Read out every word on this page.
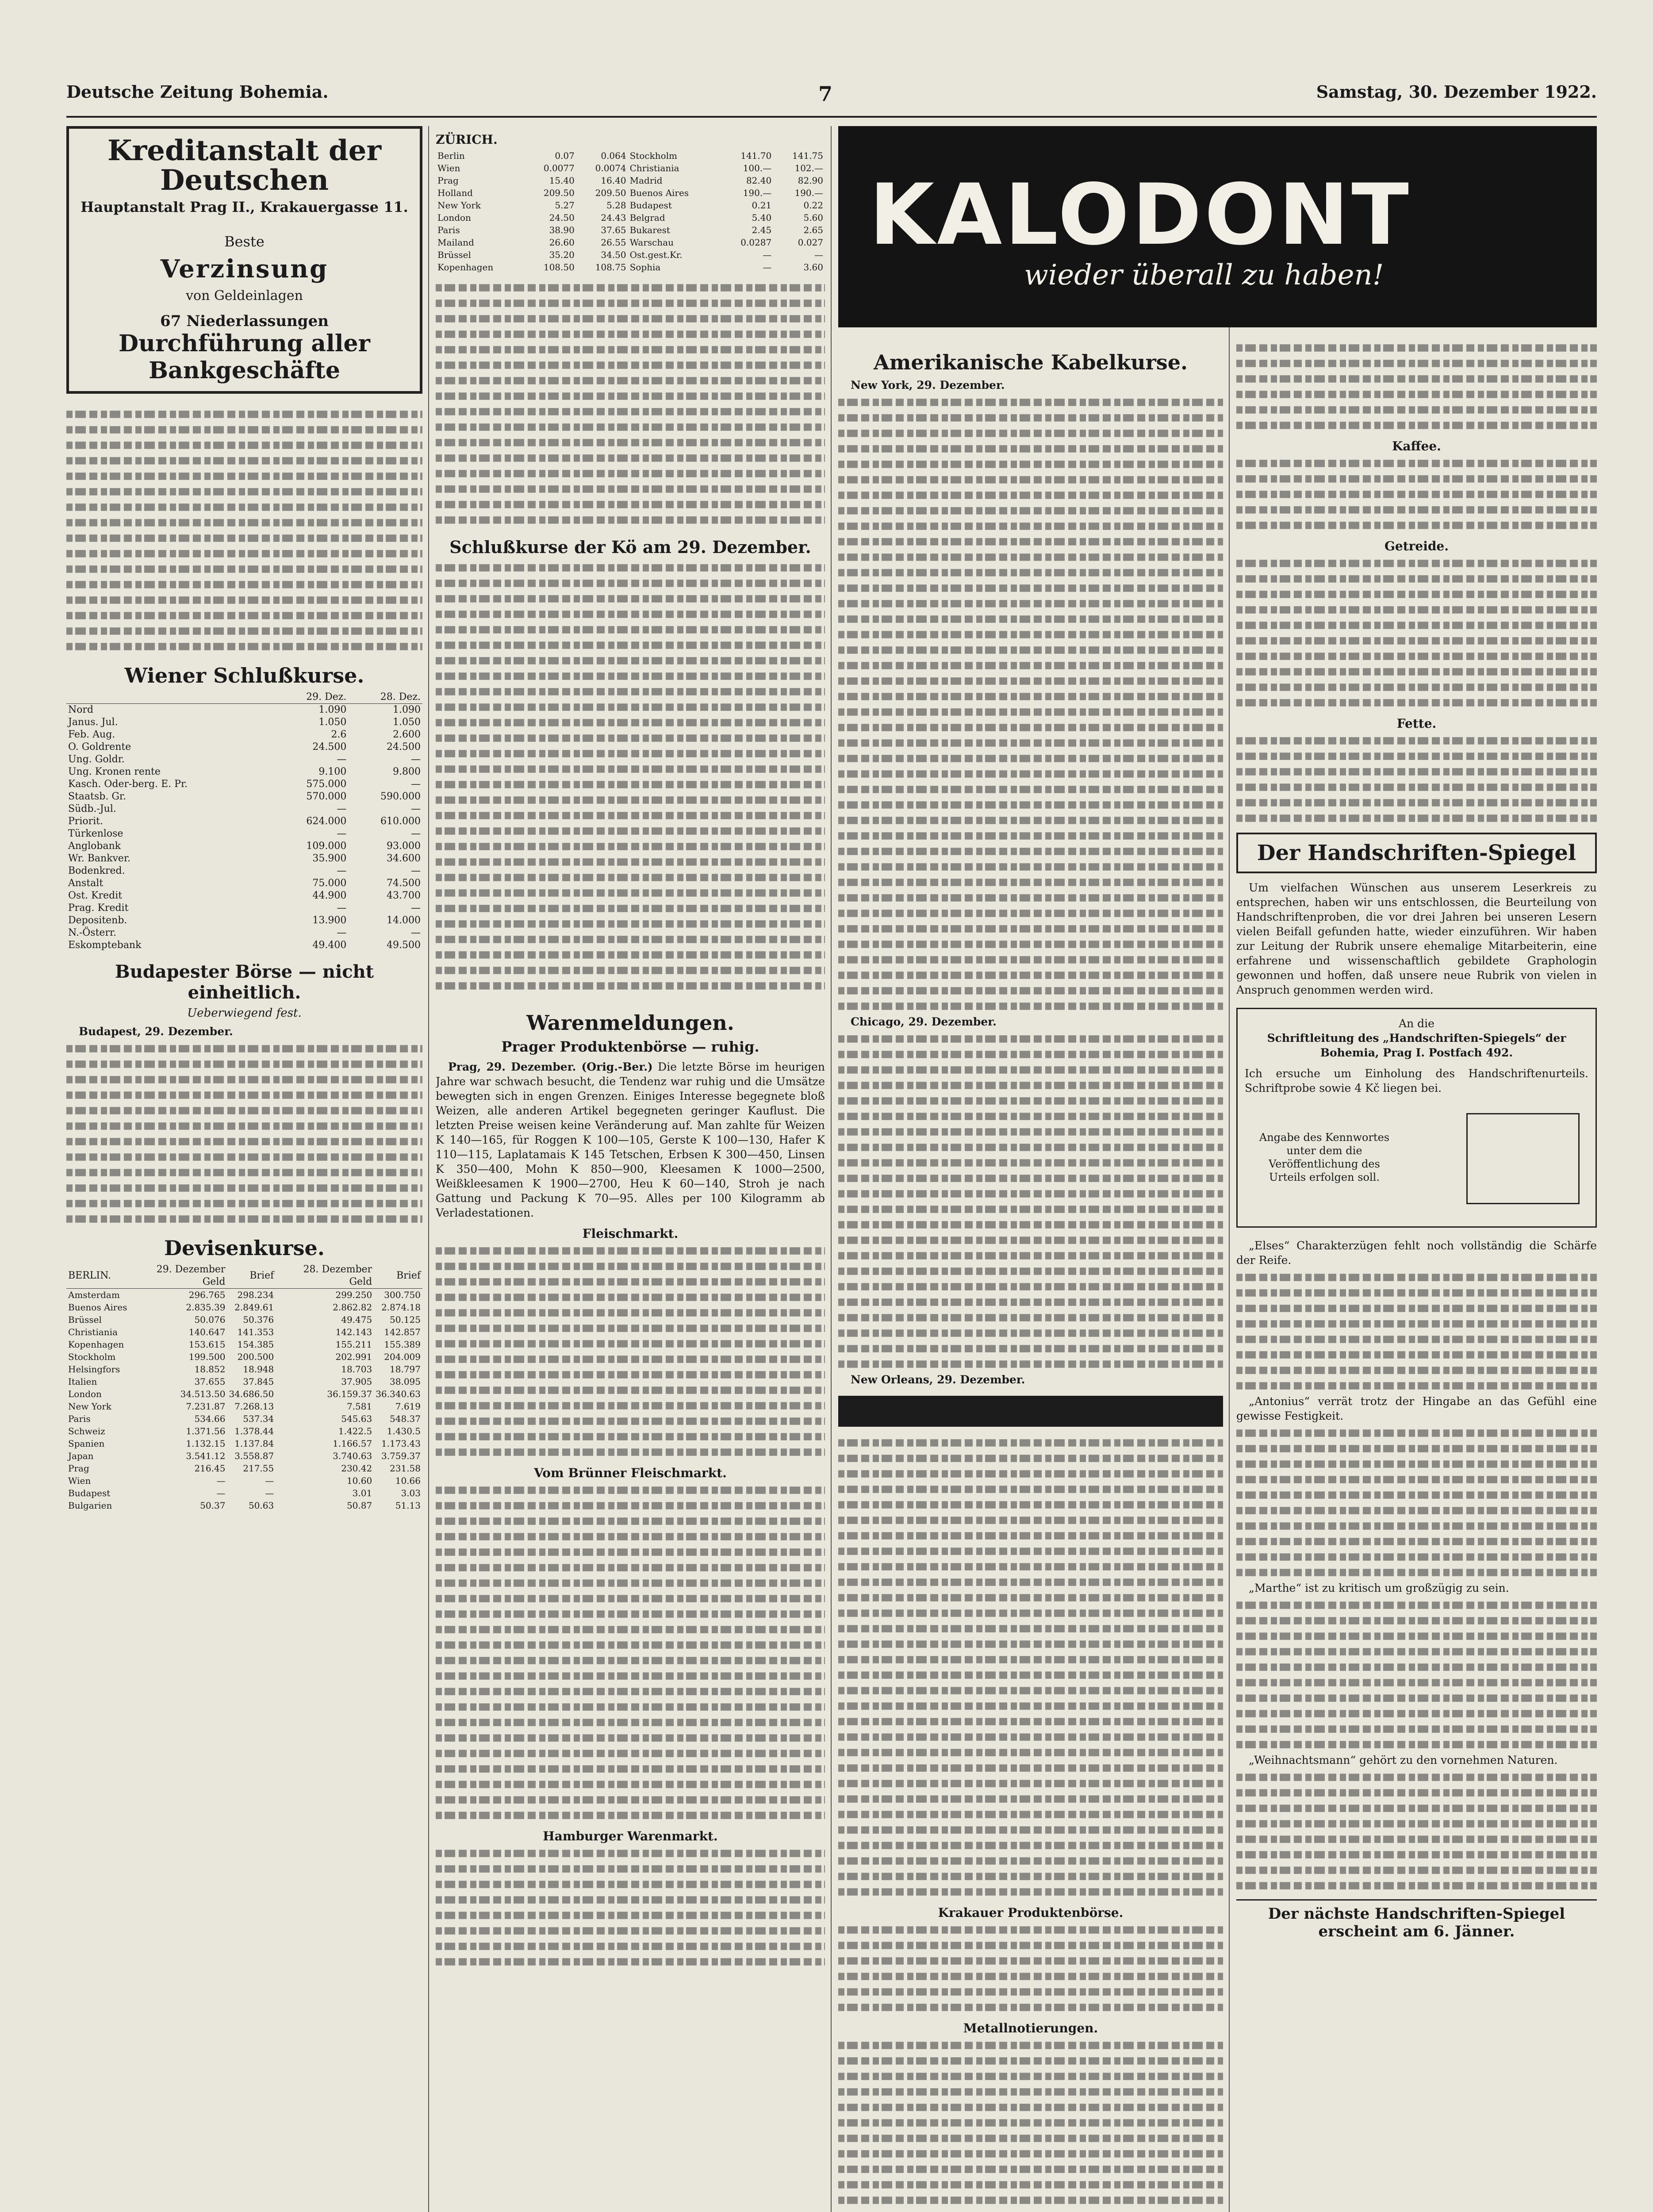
Deutsche Zeitung Bohemia.	7	Samstag, 30. Dezember 1922.
Kreditanstalt der Deutschen
Hauptanstalt Prag II., Krakauergasse 11.
Beste
Verzinsung
von Geldeinlagen
67 Niederlassungen
Durchführung aller Bankgeschäfte
Wiener Schlußkurse.
	29. Dez.	28. Dez.
Nord	1.090	1.090
Janus. Jul.	1.050	1.050
Feb. Aug.	2.6	2.600
O. Goldrente	24.500	24.500
Ung. Goldr.	—	—
Ung. Kronen rente	9.100	9.800
Kasch. Oder-berg. E. Pr.	575.000	—
Staatsb. Gr.	570.000	590.000
Südb.-Jul.	—	—
Priorit.	624.000	610.000
Türkenlose	—	—
Anglobank	109.000	93.000
Wr. Bankver.	35.900	34.600
Bodenkred.	—	—
Anstalt	75.000	74.500
Ost. Kredit	44.900	43.700
Prag. Kredit	—	—
Depositenb.	13.900	14.000
N.-Österr.	—	—
Eskomptebank	49.400	49.500
Budapester Börse — nicht einheitlich.
Ueberwiegend fest.

Budapest, 29. Dezember.

Devisenkurse.
BERLIN.	29. Dezember Geld	Brief	28. Dezember Geld	Brief
Amsterdam	296.765	298.234	299.250	300.750
Buenos Aires	2.835.39	2.849.61	2.862.82	2.874.18
Brüssel	50.076	50.376	49.475	50.125
Christiania	140.647	141.353	142.143	142.857
Kopenhagen	153.615	154.385	155.211	155.389
Stockholm	199.500	200.500	202.991	204.009
Helsingfors	18.852	18.948	18.703	18.797
Italien	37.655	37.845	37.905	38.095
London	34.513.50	34.686.50	36.159.37	36.340.63
New York	7.231.87	7.268.13	7.581	7.619
Paris	534.66	537.34	545.63	548.37
Schweiz	1.371.56	1.378.44	1.422.5	1.430.5
Spanien	1.132.15	1.137.84	1.166.57	1.173.43
Japan	3.541.12	3.558.87	3.740.63	3.759.37
Prag	216.45	217.55	230.42	231.58
Wien	—	—	10.60	10.66
Budapest	—	—	3.01	3.03
Bulgarien	50.37	50.63	50.87	51.13
ZÜRICH.
Berlin	0.07	0.064	Stockholm	141.70	141.75
Wien	0.0077	0.0074	Christiania	100.—	102.—
Prag	15.40	16.40	Madrid	82.40	82.90
Holland	209.50	209.50	Buenos Aires	190.—	190.—
New York	5.27	5.28	Budapest	0.21	0.22
London	24.50	24.43	Belgrad	5.40	5.60
Paris	38.90	37.65	Bukarest	2.45	2.65
Mailand	26.60	26.55	Warschau	0.0287	0.027
Brüssel	35.20	34.50	Ost.gest.Kr.	—	—
Kopenhagen	108.50	108.75	Sophia	—	3.60
Schlußkurse der Kö am 29. Dezember.
Warenmeldungen.
Prager Produktenbörse — ruhig.

Prag, 29. Dezember. (Orig.-Ber.) Die letzte Börse im heurigen Jahre war schwach besucht, die Tendenz war ruhig und die Umsätze bewegten sich in engen Grenzen. Einiges Interesse begegnete bloß Weizen, alle anderen Artikel begegneten geringer Kauflust. Die letzten Preise weisen keine Veränderung auf. Man zahlte für Weizen K 140—165, für Roggen K 100—105, Gerste K 100—130, Hafer K 110—115, Laplatamais K 145 Tetschen, Erbsen K 300—450, Linsen K 350—400, Mohn K 850—900, Kleesamen K 1000—2500, Weißkleesamen K 1900—2700, Heu K 60—140, Stroh je nach Gattung und Packung K 70—95. Alles per 100 Kilogramm ab Verladestationen.

Fleischmarkt.
Vom Brünner Fleischmarkt.
Hamburger Warenmarkt.
KALODONT
wieder überall zu haben!
Amerikanische Kabelkurse.

New York, 29. Dezember.

Chicago, 29. Dezember.

New Orleans, 29. Dezember.

Krakauer Produktenbörse.
Metallnotierungen.
Kaffee.
Getreide.
Fette.
Der Handschriften-Spiegel

Um vielfachen Wünschen aus unserem Leserkreis zu entsprechen, haben wir uns entschlossen, die Beurteilung von Handschriftenproben, die vor drei Jahren bei unseren Lesern vielen Beifall gefunden hatte, wieder einzuführen. Wir haben zur Leitung der Rubrik unsere ehemalige Mitarbeiterin, eine erfahrene und wissenschaftlich gebildete Graphologin gewonnen und hoffen, daß unsere neue Rubrik von vielen in Anspruch genommen werden wird.

An die
Schriftleitung des „Handschriften-Spiegels“ der Bohemia, Prag I. Postfach 492.
Ich ersuche um Einholung des Handschriftenurteils. Schriftprobe sowie 4 Kč liegen bei.
Angabe des Kennwortes unter dem die Veröffentlichung des Urteils erfolgen soll.

„Elses“ Charakterzügen fehlt noch vollständig die Schärfe der Reife.

„Antonius“ verrät trotz der Hingabe an das Gefühl eine gewisse Festigkeit.

„Marthe“ ist zu kritisch um großzügig zu sein.

„Weihnachtsmann“ gehört zu den vornehmen Naturen.

Der nächste Handschriften-Spiegel erscheint am 6. Jänner.
